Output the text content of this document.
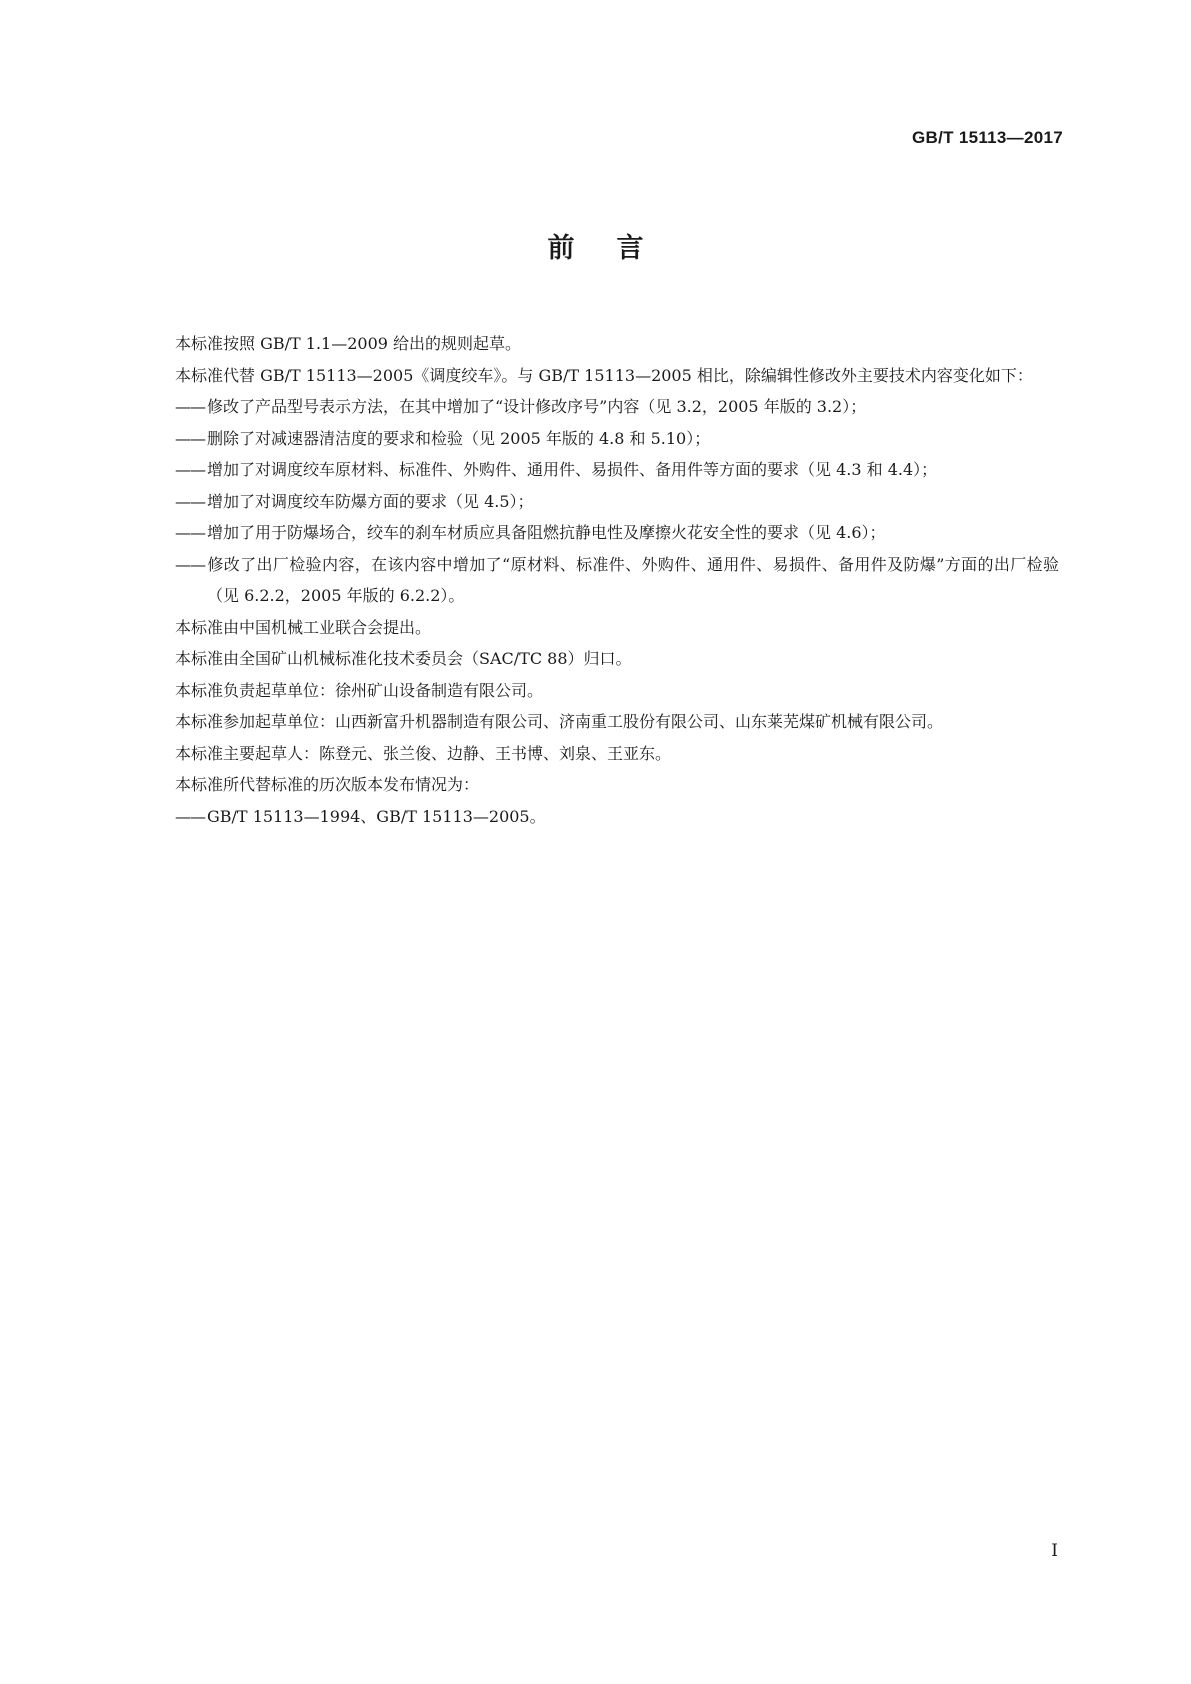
GB/T 15113—2017
前言

本标准按照 GB/T 1.1—2009 给出的规则起草。

本标准代替 GB/T 15113—2005《调度绞车》。与 GB/T 15113—2005 相比，除编辑性修改外主要技术内容变化如下：

—— 修改了产品型号表示方法，在其中增加了“设计修改序号”内容（见 3.2，2005 年版的 3.2）；

—— 删除了对减速器清洁度的要求和检验（见 2005 年版的 4.8 和 5.10）；

—— 增加了对调度绞车原材料、标准件、外购件、通用件、易损件、备用件等方面的要求（见 4.3 和 4.4）；

—— 增加了对调度绞车防爆方面的要求（见 4.5）；

—— 增加了用于防爆场合，绞车的刹车材质应具备阻燃抗静电性及摩擦火花安全性的要求（见 4.6）；

—— 修改了出厂检验内容，在该内容中增加了“原材料、标准件、外购件、通用件、易损件、备用件及防爆”方面的出厂检验（见 6.2.2，2005 年版的 6.2.2）。

本标准由中国机械工业联合会提出。

本标准由全国矿山机械标准化技术委员会（SAC/TC 88）归口。

本标准负责起草单位：徐州矿山设备制造有限公司。

本标准参加起草单位：山西新富升机器制造有限公司、济南重工股份有限公司、山东莱芜煤矿机械有限公司。

本标准主要起草人：陈登元、张兰俊、边静、王书博、刘泉、王亚东。

本标准所代替标准的历次版本发布情况为：

—— GB/T 15113—1994、GB/T 15113—2005。

I
